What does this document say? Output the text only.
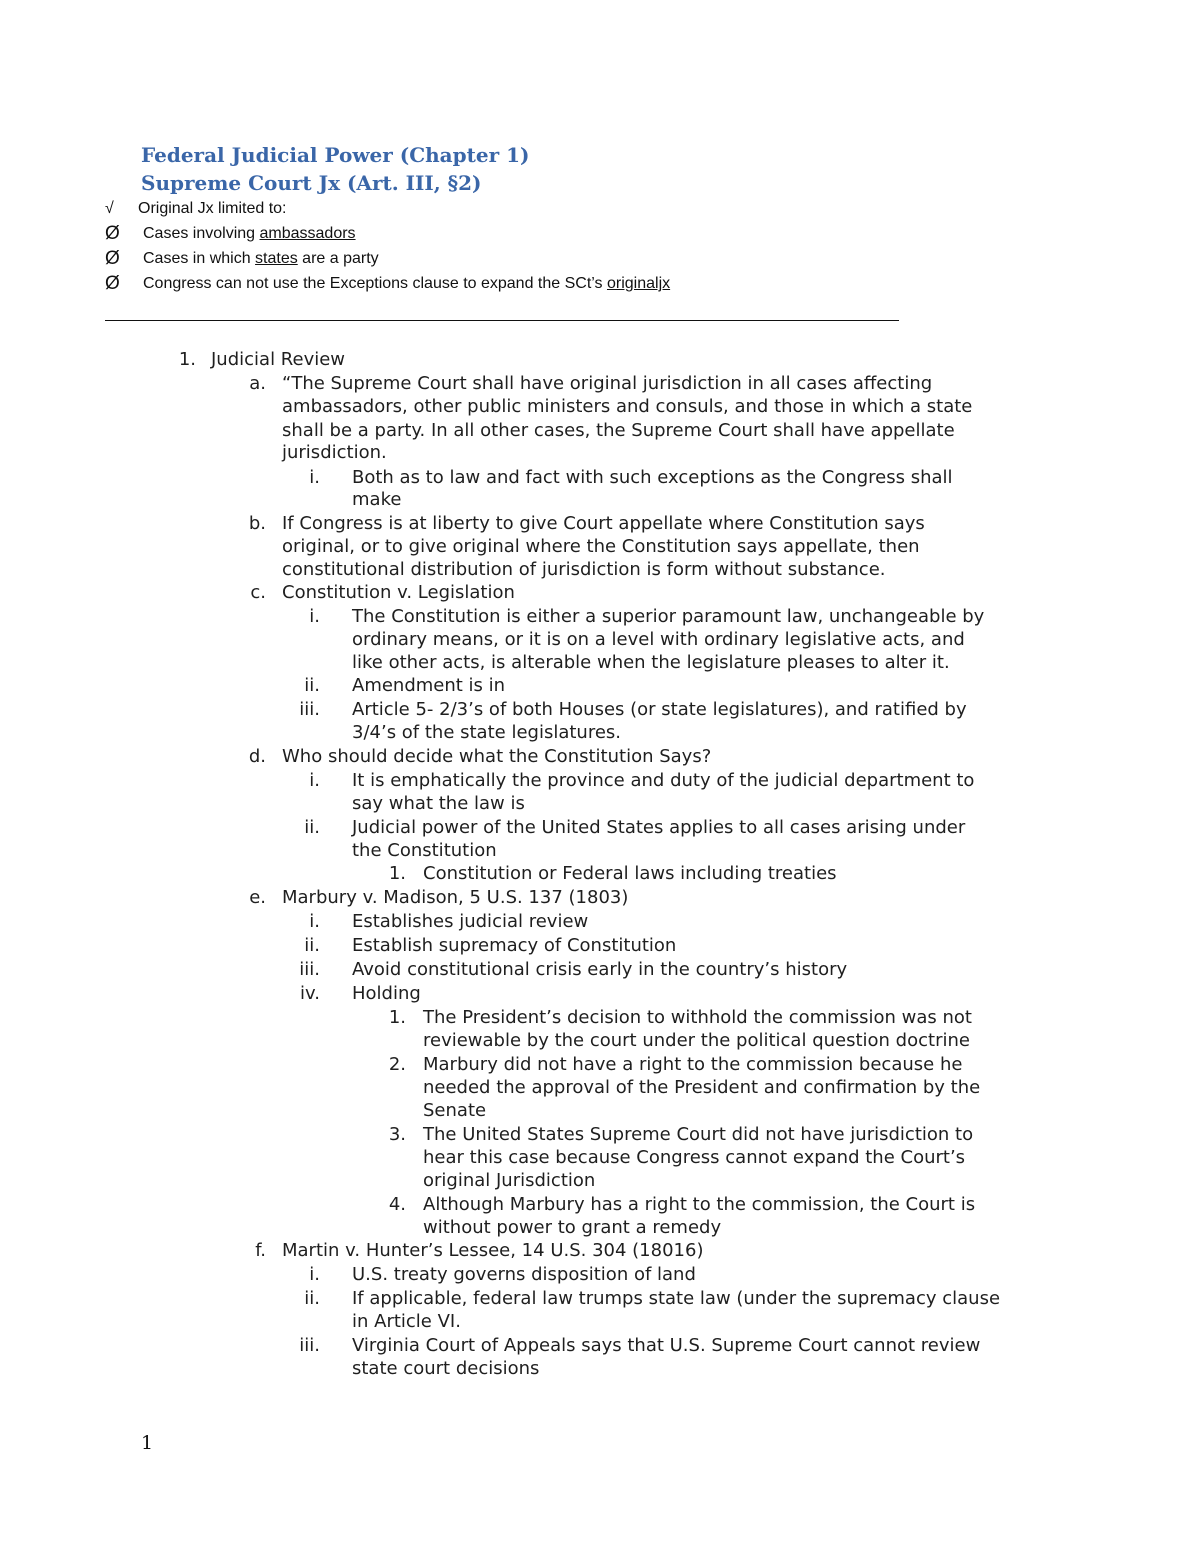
Federal Judicial Power (Chapter 1)
Supreme Court Jx (Art. III, §2)
√ Original Jx limited to:
Ø Cases involving ambassadors
Ø Cases in which states are a party
Ø Congress can not use the Exceptions clause to expand the SCt’s originaljx
1. Judicial Review
a. “The Supreme Court shall have original jurisdiction in all cases affecting
ambassadors, other public ministers and consuls, and those in which a state
shall be a party. In all other cases, the Supreme Court shall have appellate
jurisdiction.
i. Both as to law and fact with such exceptions as the Congress shall
make
b. If Congress is at liberty to give Court appellate where Constitution says
original, or to give original where the Constitution says appellate, then
constitutional distribution of jurisdiction is form without substance.
c. Constitution v. Legislation
i. The Constitution is either a superior paramount law, unchangeable by
ordinary means, or it is on a level with ordinary legislative acts, and
like other acts, is alterable when the legislature pleases to alter it.
ii. Amendment is in
iii. Article 5- 2/3’s of both Houses (or state legislatures), and ratified by
3/4’s of the state legislatures.
d. Who should decide what the Constitution Says?
i. It is emphatically the province and duty of the judicial department to
say what the law is
ii. Judicial power of the United States applies to all cases arising under
the Constitution
1. Constitution or Federal laws including treaties
e. Marbury v. Madison, 5 U.S. 137 (1803)
i. Establishes judicial review
ii. Establish supremacy of Constitution
iii. Avoid constitutional crisis early in the country’s history
iv. Holding
1. The President’s decision to withhold the commission was not
reviewable by the court under the political question doctrine
2. Marbury did not have a right to the commission because he
needed the approval of the President and confirmation by the
Senate
3. The United States Supreme Court did not have jurisdiction to
hear this case because Congress cannot expand the Court’s
original Jurisdiction
4. Although Marbury has a right to the commission, the Court is
without power to grant a remedy
f. Martin v. Hunter’s Lessee, 14 U.S. 304 (18016)
i. U.S. treaty governs disposition of land
ii. If applicable, federal law trumps state law (under the supremacy clause
in Article VI.
iii. Virginia Court of Appeals says that U.S. Supreme Court cannot review
state court decisions
1
